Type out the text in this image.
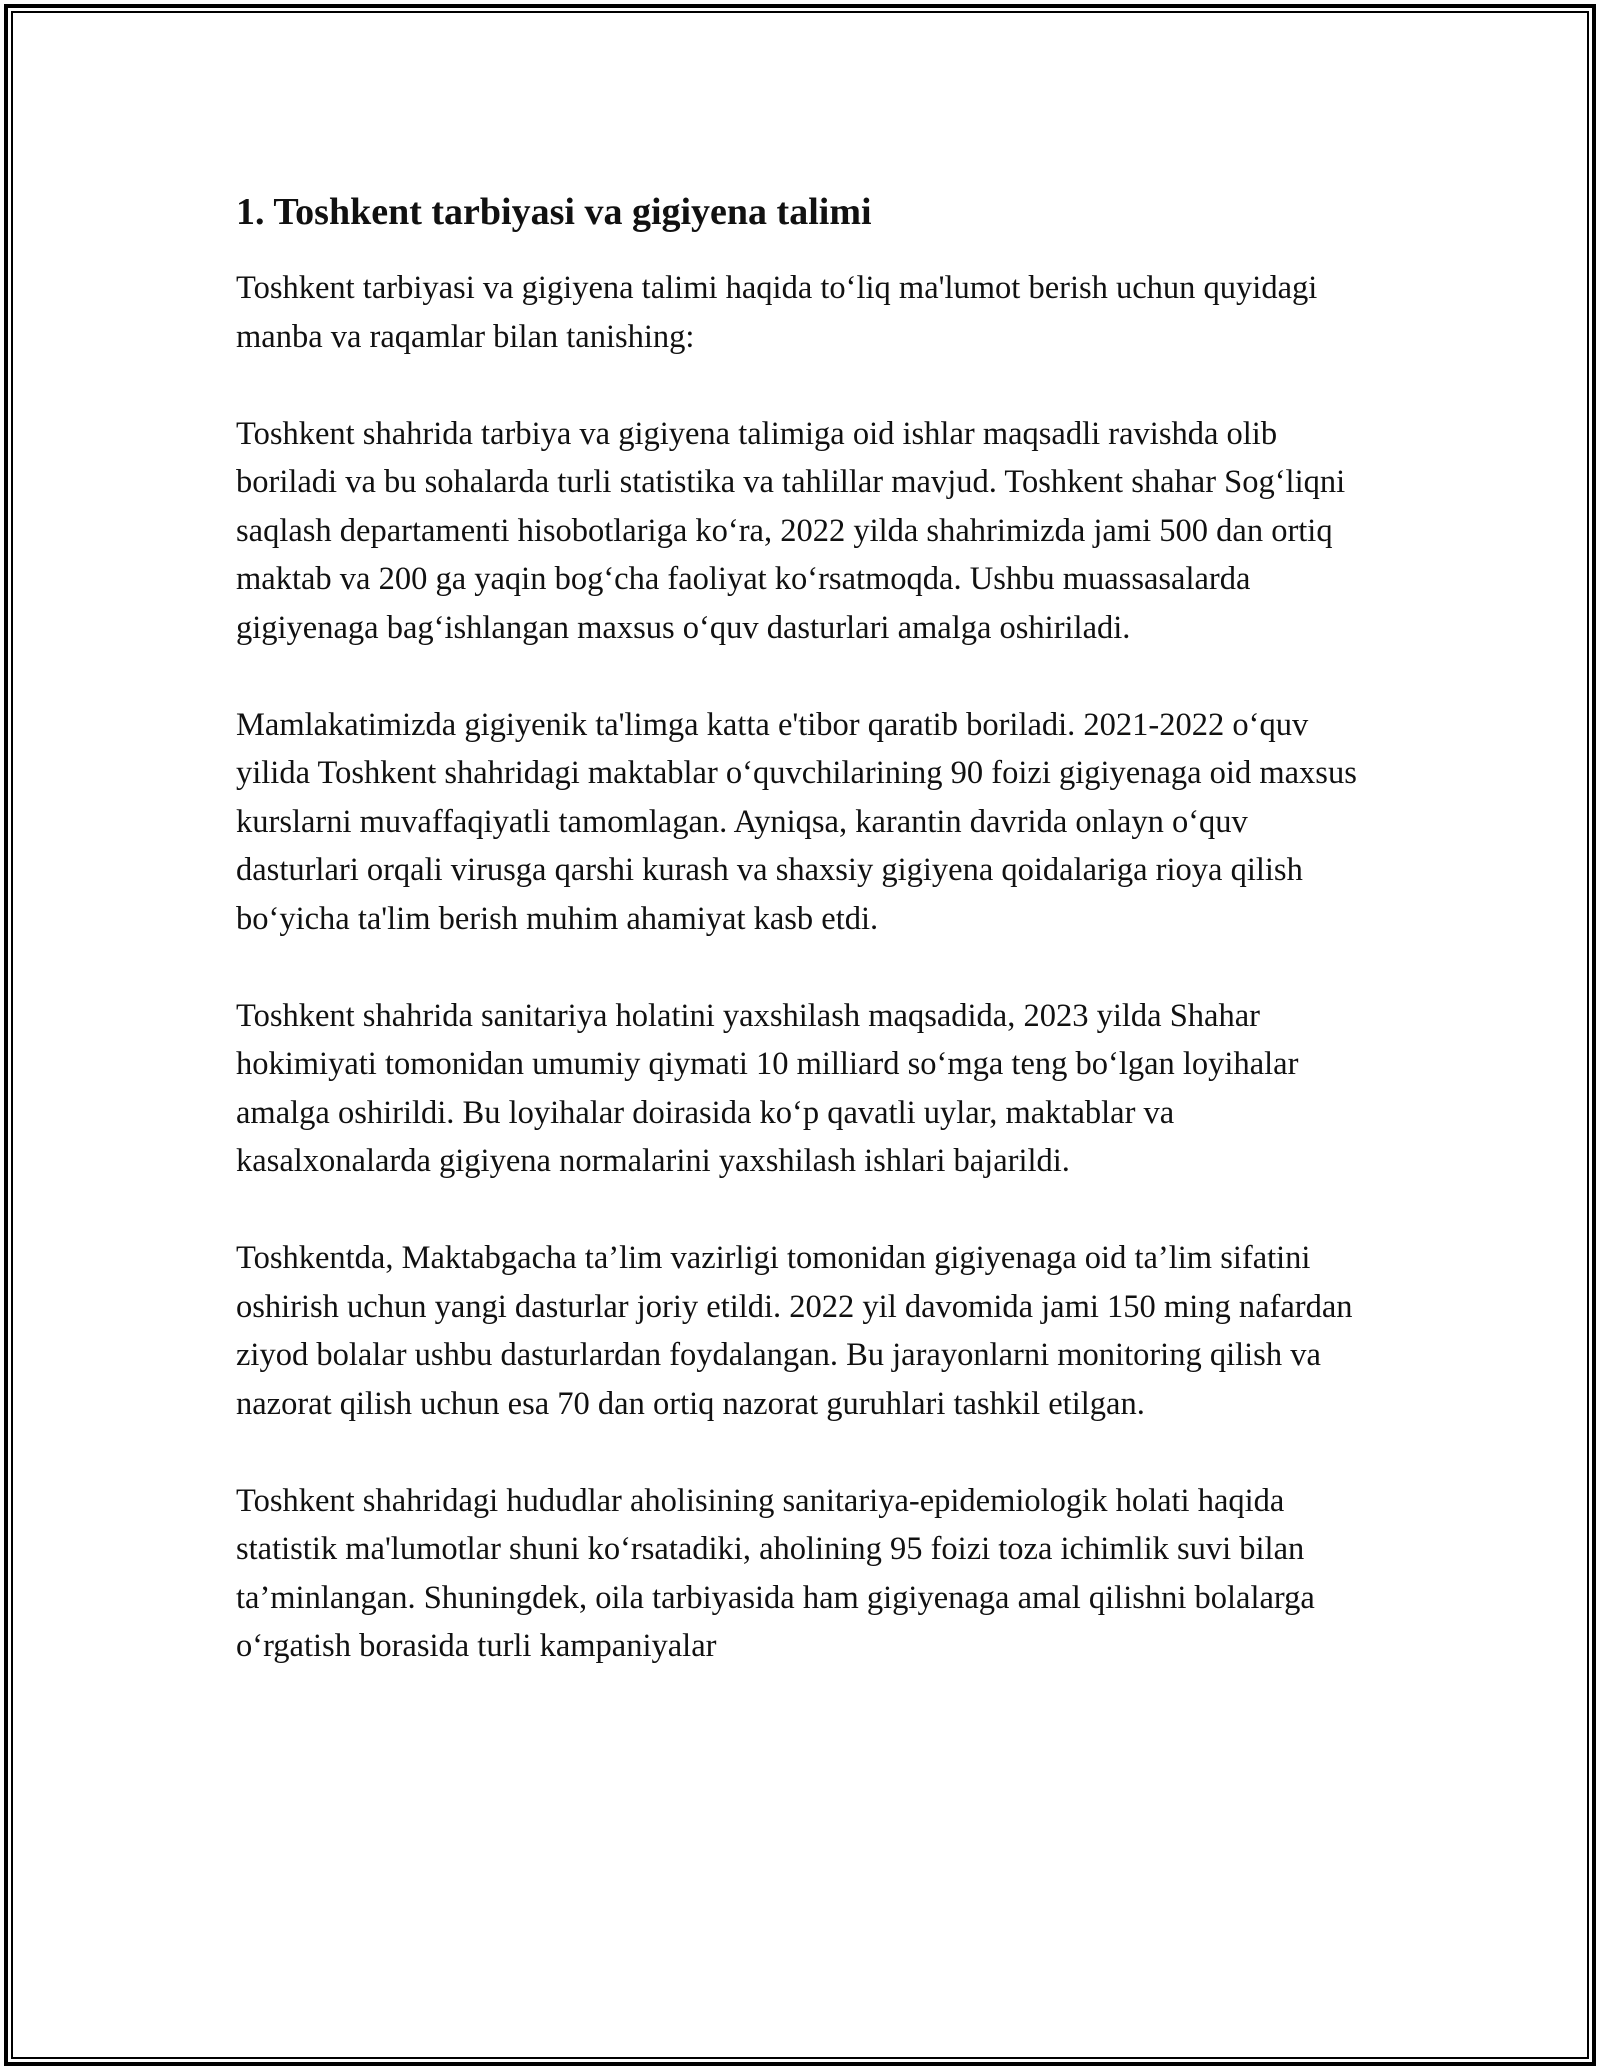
1. Toshkent tarbiyasi va gigiyena talimi

Toshkent tarbiyasi va gigiyena talimi haqida to‘liq ma'lumot berish uchun quyidagi manba va raqamlar bilan tanishing:

Toshkent shahrida tarbiya va gigiyena talimiga oid ishlar maqsadli ravishda olib boriladi va bu sohalarda turli statistika va tahlillar mavjud. Toshkent shahar Sog‘liqni saqlash departamenti hisobotlariga ko‘ra, 2022 yilda shahrimizda jami 500 dan ortiq maktab va 200 ga yaqin bog‘cha faoliyat ko‘rsatmoqda. Ushbu muassasalarda gigiyenaga bag‘ishlangan maxsus o‘quv dasturlari amalga oshiriladi.

Mamlakatimizda gigiyenik ta'limga katta e'tibor qaratib boriladi. 2021-2022 o‘quv yilida Toshkent shahridagi maktablar o‘quvchilarining 90 foizi gigiyenaga oid maxsus kurslarni muvaffaqiyatli tamomlagan. Ayniqsa, karantin davrida onlayn o‘quv dasturlari orqali virusga qarshi kurash va shaxsiy gigiyena qoidalariga rioya qilish bo‘yicha ta'lim berish muhim ahamiyat kasb etdi.

Toshkent shahrida sanitariya holatini yaxshilash maqsadida, 2023 yilda Shahar hokimiyati tomonidan umumiy qiymati 10 milliard so‘mga teng bo‘lgan loyihalar amalga oshirildi. Bu loyihalar doirasida ko‘p qavatli uylar, maktablar va kasalxonalarda gigiyena normalarini yaxshilash ishlari bajarildi.

Toshkentda, Maktabgacha ta’lim vazirligi tomonidan gigiyenaga oid ta’lim sifatini oshirish uchun yangi dasturlar joriy etildi. 2022 yil davomida jami 150 ming nafardan ziyod bolalar ushbu dasturlardan foydalangan. Bu jarayonlarni monitoring qilish va nazorat qilish uchun esa 70 dan ortiq nazorat guruhlari tashkil etilgan.

Toshkent shahridagi hududlar aholisining sanitariya-epidemiologik holati haqida statistik ma'lumotlar shuni ko‘rsatadiki, aholining 95 foizi toza ichimlik suvi bilan ta’minlangan. Shuningdek, oila tarbiyasida ham gigiyenaga amal qilishni bolalarga o‘rgatish borasida turli kampaniyalar
